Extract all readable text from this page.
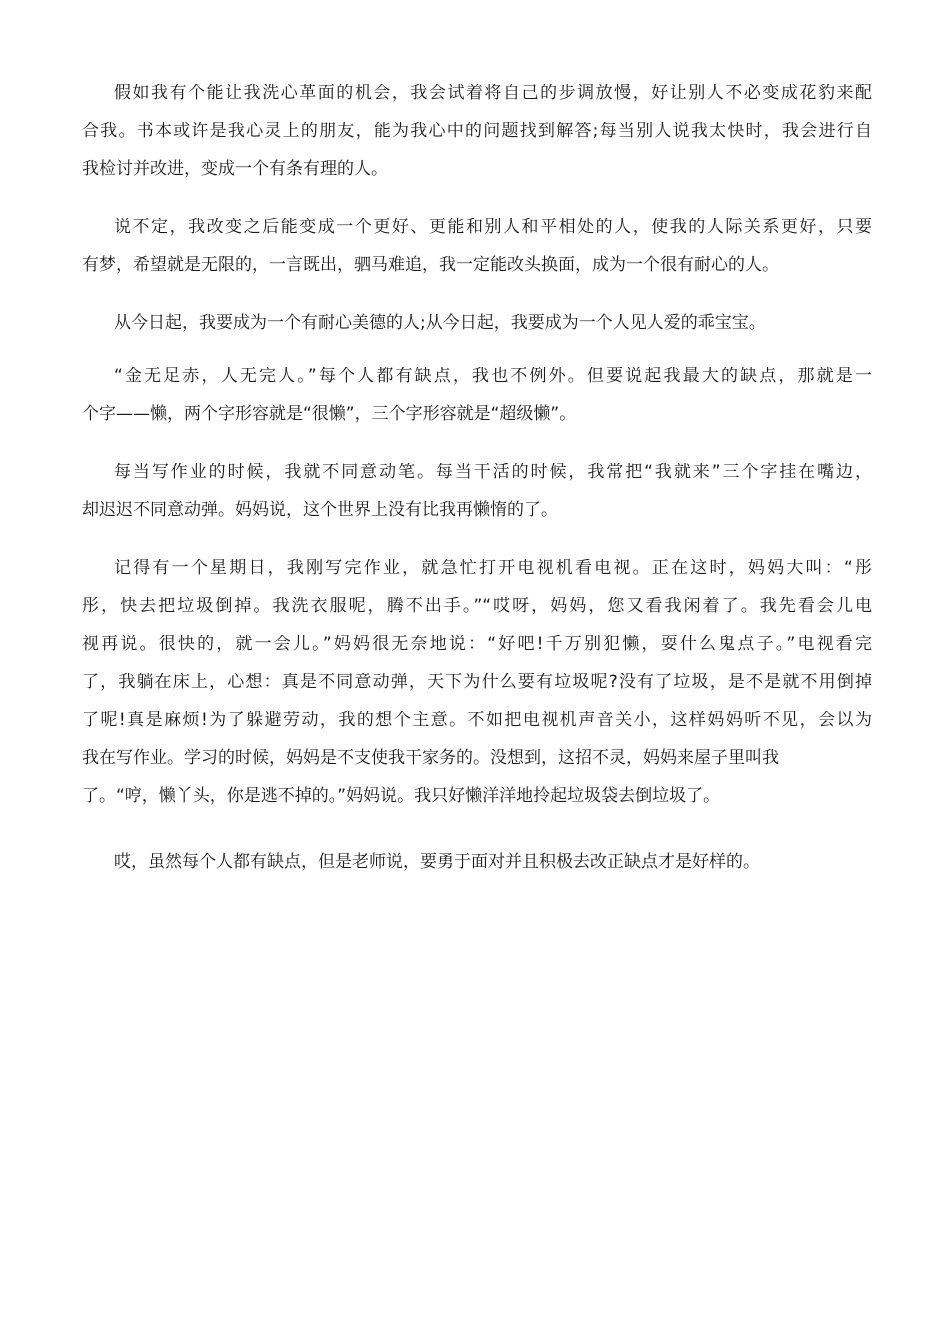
假如我有个能让我洗心革面的机会，我会试着将自己的步调放慢，好让别人不必变成花豹来配
合我。书本或许是我心灵上的朋友，能为我心中的问题找到解答;每当别人说我太快时，我会进行自
我检讨并改进，变成一个有条有理的人。
说不定，我改变之后能变成一个更好、更能和别人和平相处的人，使我的人际关系更好，只要
有梦，希望就是无限的，一言既出，驷马难追，我一定能改头换面，成为一个很有耐心的人。
从今日起，我要成为一个有耐心美德的人;从今日起，我要成为一个人见人爱的乖宝宝。
“金无足赤，人无完人。”每个人都有缺点，我也不例外。但要说起我最大的缺点，那就是一
个字——懒，两个字形容就是“很懒”，三个字形容就是“超级懒”。
每当写作业的时候，我就不同意动笔。每当干活的时候，我常把“我就来”三个字挂在嘴边，
却迟迟不同意动弹。妈妈说，这个世界上没有比我再懒惰的了。
记得有一个星期日，我刚写完作业，就急忙打开电视机看电视。正在这时，妈妈大叫：“彤
彤，快去把垃圾倒掉。我洗衣服呢，腾不出手。”“哎呀，妈妈，您又看我闲着了。我先看会儿电
视再说。很快的，就一会儿。”妈妈很无奈地说：“好吧!千万别犯懒，耍什么鬼点子。”电视看完
了，我躺在床上，心想：真是不同意动弹，天下为什么要有垃圾呢?没有了垃圾，是不是就不用倒掉
了呢!真是麻烦!为了躲避劳动，我的想个主意。不如把电视机声音关小，这样妈妈听不见，会以为
我在写作业。学习的时候，妈妈是不支使我干家务的。没想到，这招不灵，妈妈来屋子里叫我
了。“哼，懒丫头，你是逃不掉的。”妈妈说。我只好懒洋洋地拎起垃圾袋去倒垃圾了。
哎，虽然每个人都有缺点，但是老师说，要勇于面对并且积极去改正缺点才是好样的。
